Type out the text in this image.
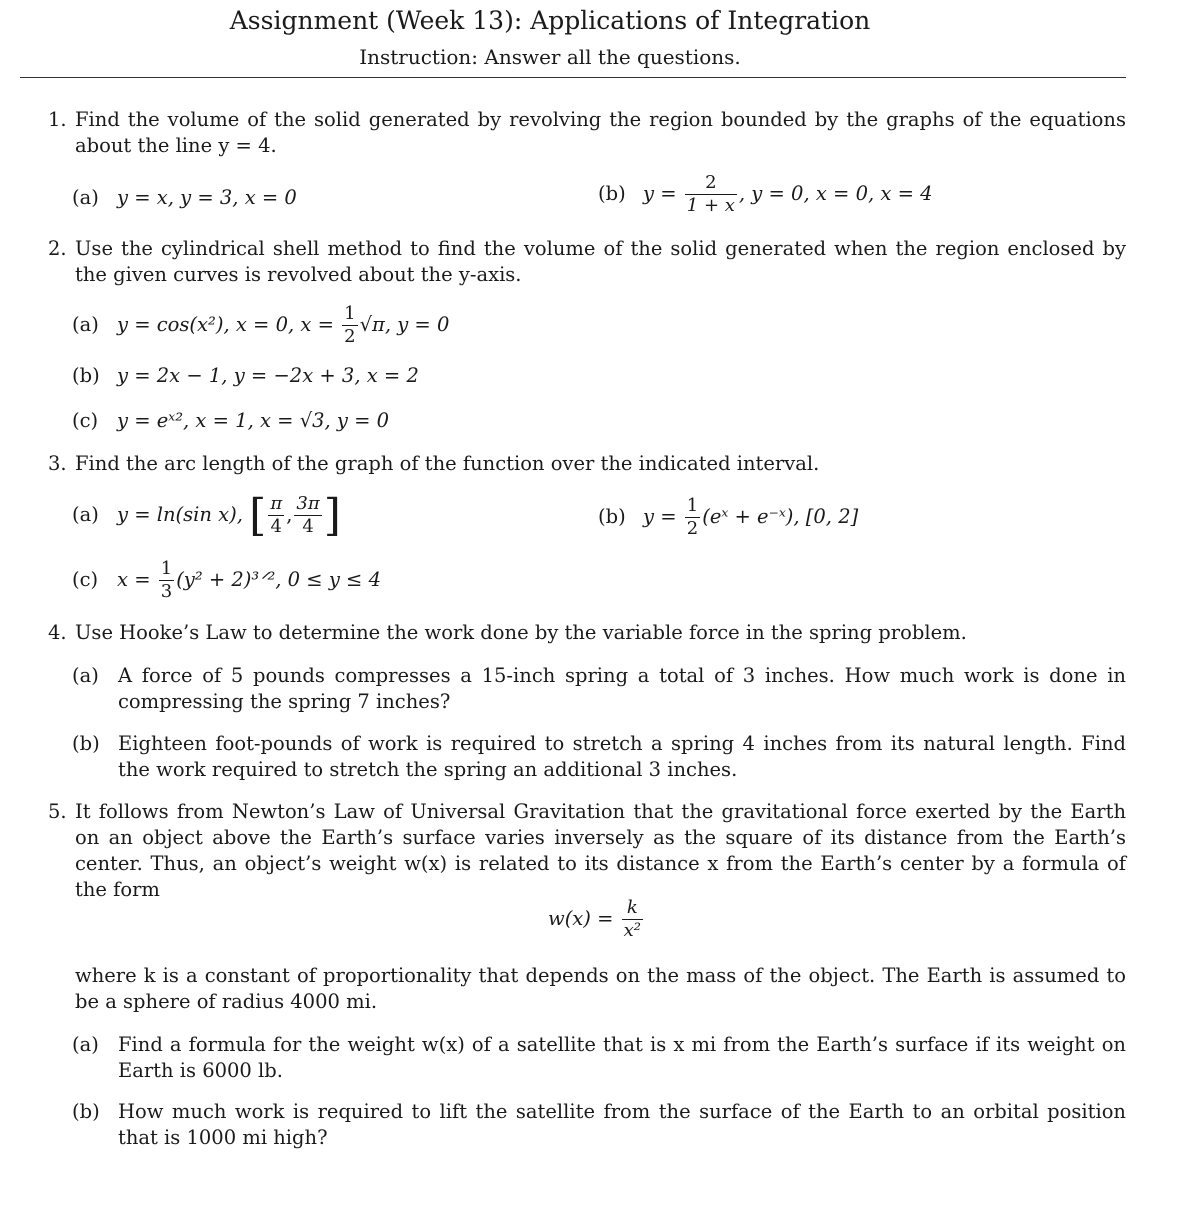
Assignment (Week 13): Applications of Integration
Instruction: Answer all the questions.
1. Find the volume of the solid generated by revolving the region bounded by the graphs of the equations about the line y = 4.
(a) y = x, y = 3, x = 0	(b) $y = \frac{2}{1 + x}$ , y = 0, x = 0, x = 4
2. Use the cylindrical shell method to find the volume of the solid generated when the region enclosed by the given curves is revolved about the y-axis.
(a) y = cos(x²), x = 0, $x = \frac{1}{2} √\pi$, y = 0
(b) y = 2x − 1, y = −2x + 3, x = 2
(c) y = eˣ², x = 1, x = √3, y = 0
3. Find the arc length of the graph of the function over the indicated interval.
(a) y = ln(sin x), [ $\frac{\pi}{4}$ , $\frac{3\pi}{4}$ ]	(b) $y = \frac{1}{2}$ (eˣ + e⁻ˣ), [0, 2]
(c) $x = \frac{1}{3} (y^2$ + 2)³ᐟ², 0 ≤ y ≤ 4
4. Use Hooke’s Law to determine the work done by the variable force in the spring problem.
(a) A force of 5 pounds compresses a 15-inch spring a total of 3 inches. How much work is done in compressing the spring 7 inches?
(b) Eighteen foot-pounds of work is required to stretch a spring 4 inches from its natural length. Find the work required to stretch the spring an additional 3 inches.
5. It follows from Newton’s Law of Universal Gravitation that the gravitational force exerted by the Earth on an object above the Earth’s surface varies inversely as the square of its distance from the Earth’s center. Thus, an object’s weight w(x) is related to its distance x from the Earth’s center by a formula of the form
$w(x) = \frac{k}{\text{x²}}$
where k is a constant of proportionality that depends on the mass of the object. The Earth is assumed to be a sphere of radius 4000 mi.
(a) Find a formula for the weight w(x) of a satellite that is x mi from the Earth’s surface if its weight on Earth is 6000 lb.
(b) How much work is required to lift the satellite from the surface of the Earth to an orbital position that is 1000 mi high?
